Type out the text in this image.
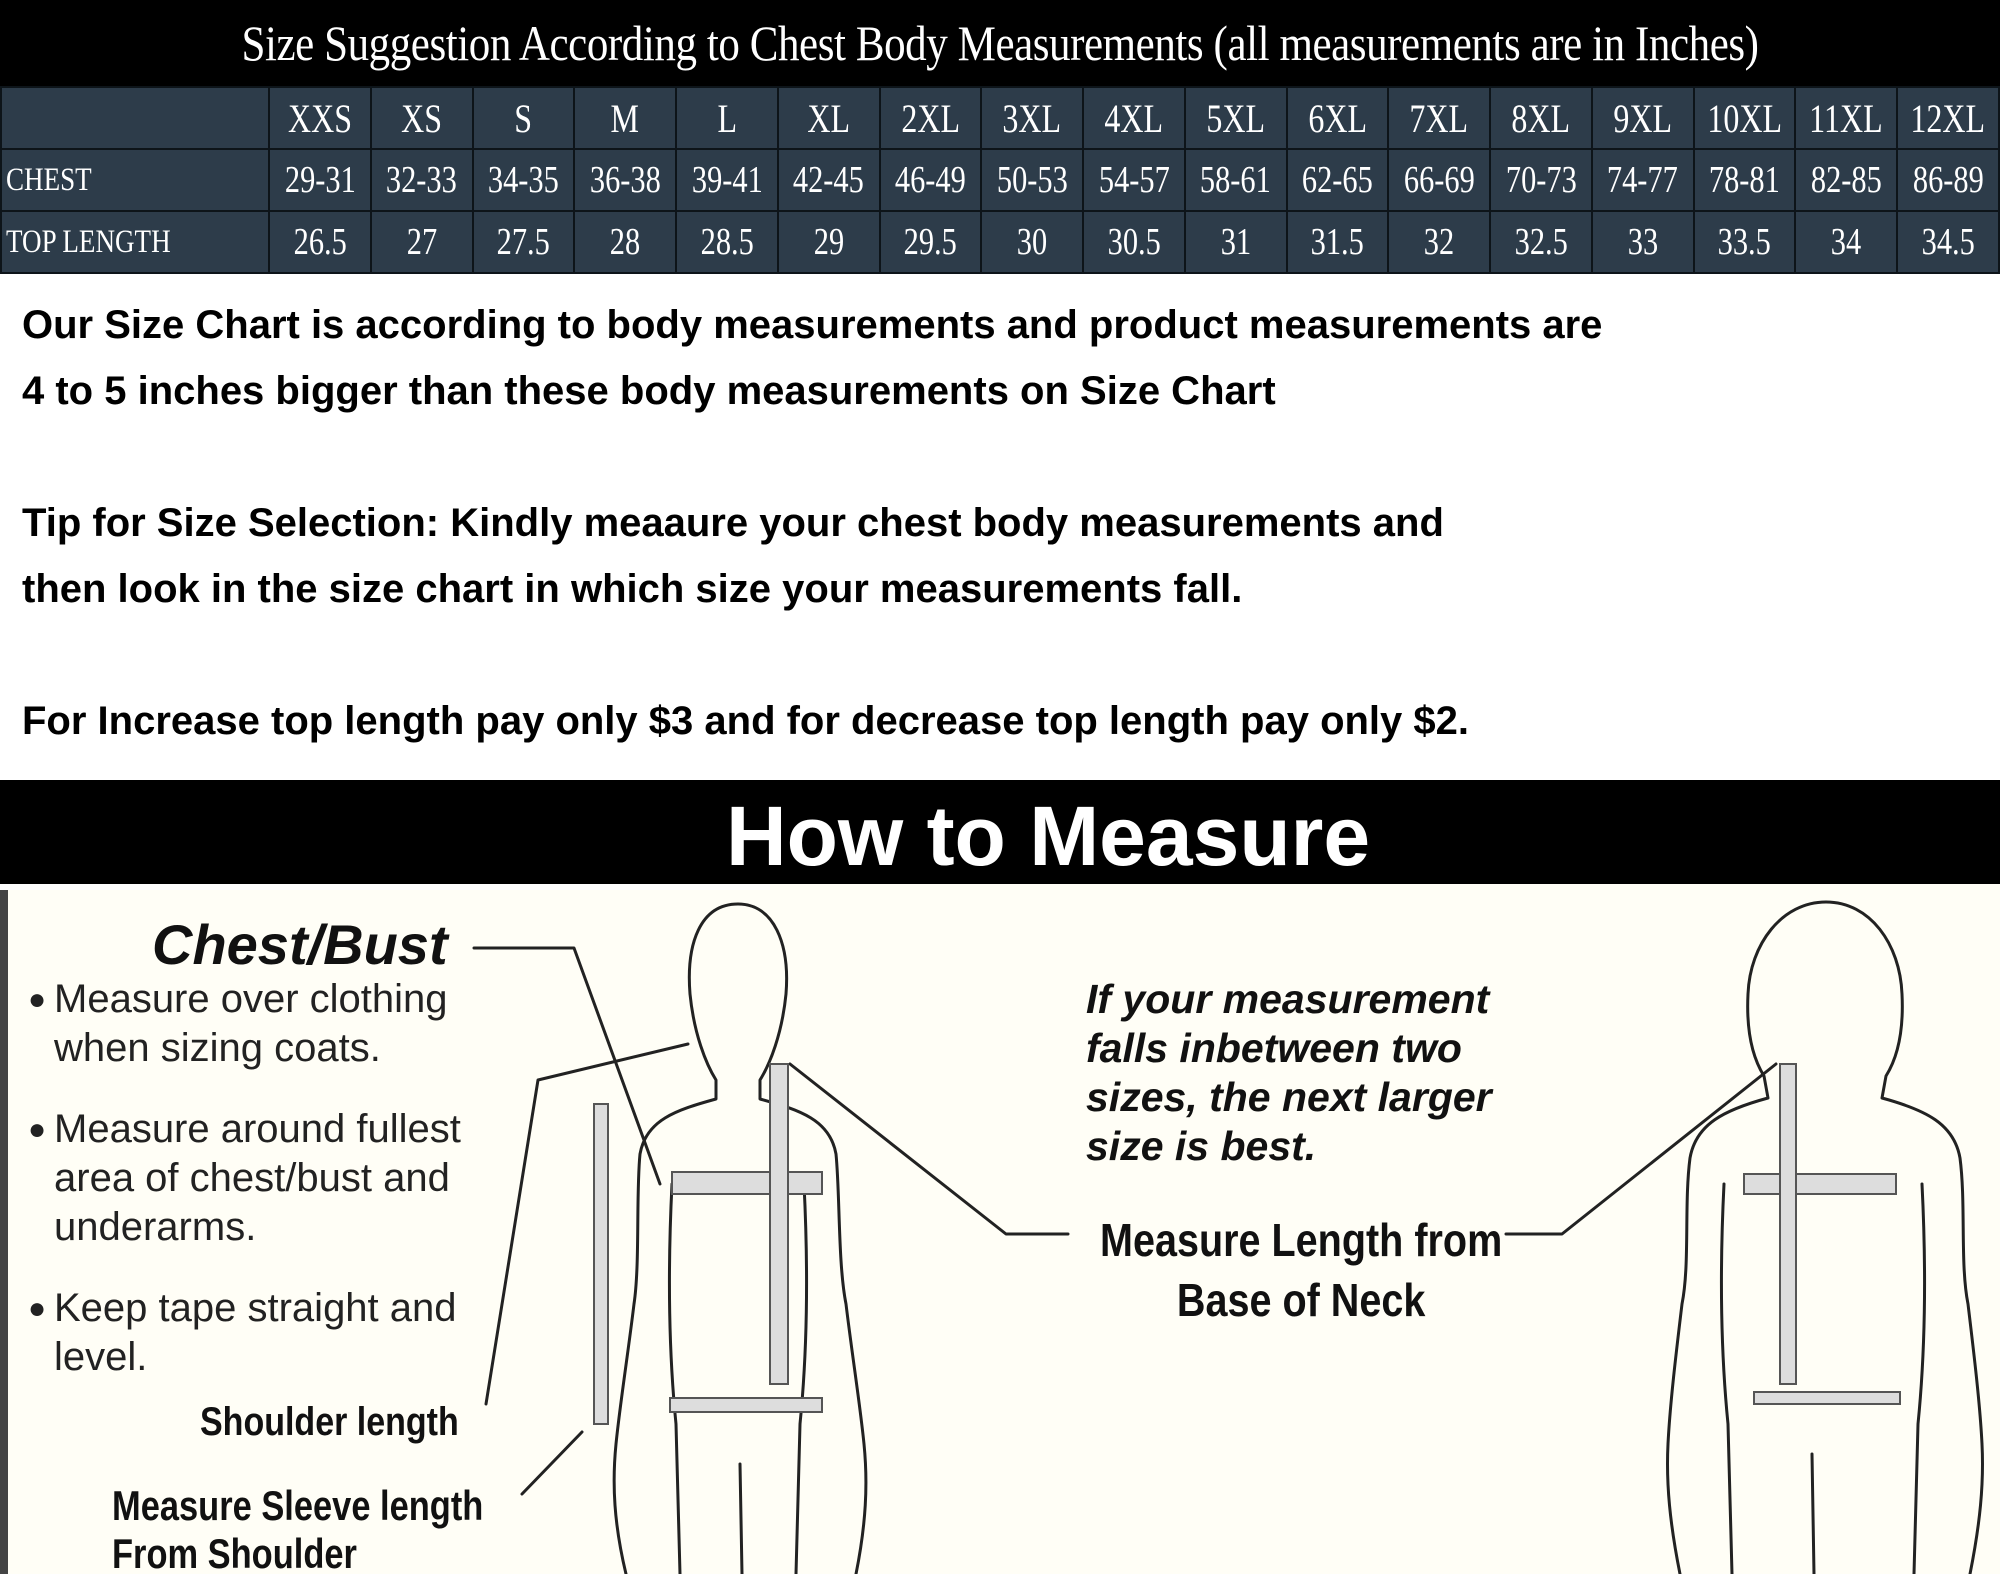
Size Suggestion According to Chest Body Measurements (all measurements are in Inches)
	XXS	XS	S	M	L	XL	2XL	3XL	4XL	5XL	6XL	7XL	8XL	9XL	10XL	11XL	12XL
CHEST	29-31	32-33	34-35	36-38	39-41	42-45	46-49	50-53	54-57	58-61	62-65	66-69	70-73	74-77	78-81	82-85	86-89
TOP LENGTH	26.5	27	27.5	28	28.5	29	29.5	30	30.5	31	31.5	32	32.5	33	33.5	34	34.5

Our Size Chart is according to body measurements and product measurements are

4 to 5 inches bigger than these body measurements on Size Chart

Tip for Size Selection: Kindly meaaure your chest body measurements and

then look in the size chart in which size your measurements fall.

For Increase top length pay only $3 and for decrease top length pay only $2.

How to Measure
Chest/Bust
● Measure over clothing
when sizing coats.
● Measure around fullest
area of chest/bust and
underarms.
● Keep tape straight and
level.
Shoulder length
Measure Sleeve length
From Shoulder
If your measurement
falls inbetween two
sizes, the next larger
size is best.
Measure Length from
Base of Neck
